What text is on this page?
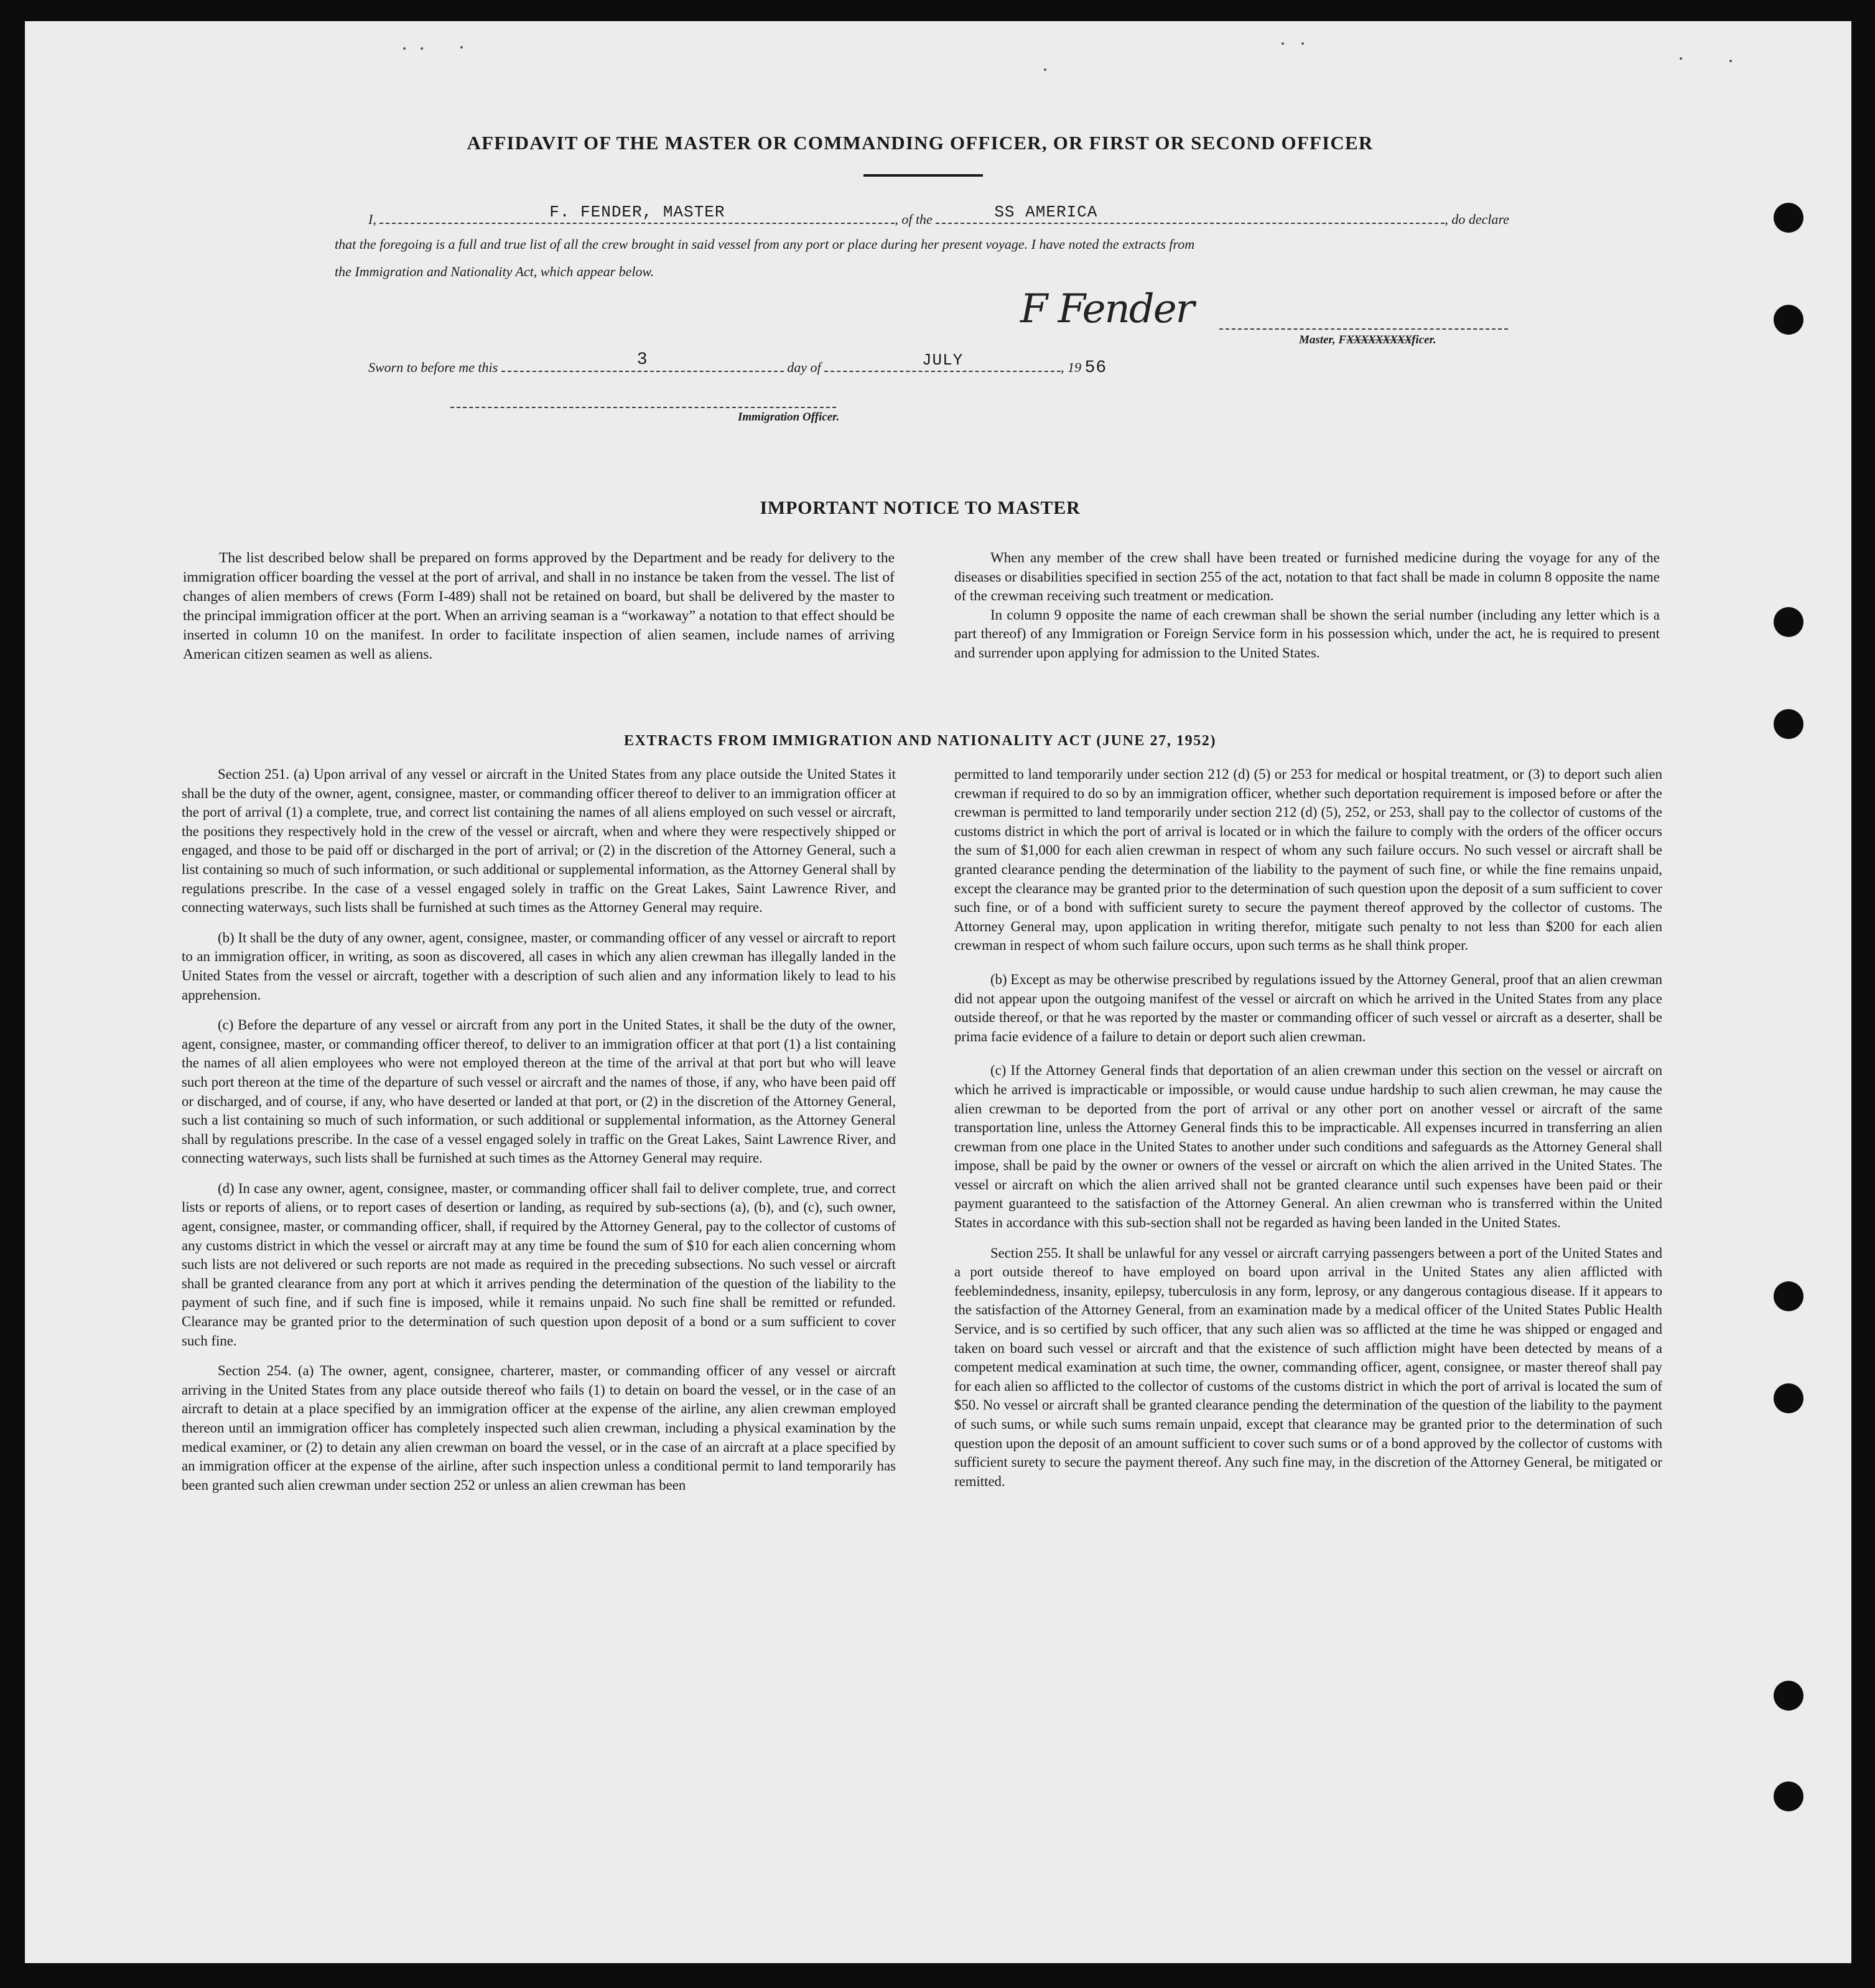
AFFIDAVIT OF THE MASTER OR COMMANDING OFFICER, OR FIRST OR SECOND OFFICER
I,	F. FENDER, MASTER	, of the	SS AMERICA	, do declare
that the foregoing is a full and true list of all the crew brought in said vessel from any port or place during her present voyage. I have noted the extracts from
the Immigration and Nationality Act, which appear below.
F Fender
Master, FXXXXXXXXXficer.
Sworn to before me this	3	day of	JULY	, 19 56
Immigration Officer.
IMPORTANT NOTICE TO MASTER

The list described below shall be prepared on forms approved by the Department and be ready for delivery to the immigration officer boarding the vessel at the port of arrival, and shall in no instance be taken from the vessel. The list of changes of alien members of crews (Form I-489) shall not be retained on board, but shall be delivered by the master to the principal immigration officer at the port. When an arriving seaman is a “workaway” a notation to that effect should be inserted in column 10 on the manifest. In order to facilitate inspection of alien seamen, include names of arriving American citizen seamen as well as aliens.

When any member of the crew shall have been treated or furnished medicine during the voyage for any of the diseases or disabilities specified in section 255 of the act, notation to that fact shall be made in column 8 opposite the name of the crewman receiving such treatment or medication.

In column 9 opposite the name of each crewman shall be shown the serial number (including any letter which is a part thereof) of any Immigration or Foreign Service form in his possession which, under the act, he is required to present and surrender upon applying for admission to the United States.

EXTRACTS FROM IMMIGRATION AND NATIONALITY ACT (JUNE 27, 1952)

Section 251. (a) Upon arrival of any vessel or aircraft in the United States from any place outside the United States it shall be the duty of the owner, agent, consignee, master, or commanding officer thereof to deliver to an immigration officer at the port of arrival (1) a complete, true, and correct list containing the names of all aliens employed on such vessel or aircraft, the positions they respectively hold in the crew of the vessel or aircraft, when and where they were respectively shipped or engaged, and those to be paid off or discharged in the port of arrival; or (2) in the discretion of the Attorney General, such a list containing so much of such information, or such additional or supplemental information, as the Attorney General shall by regulations prescribe. In the case of a vessel engaged solely in traffic on the Great Lakes, Saint Lawrence River, and connecting waterways, such lists shall be furnished at such times as the Attorney General may require.

(b) It shall be the duty of any owner, agent, consignee, master, or commanding officer of any vessel or aircraft to report to an immigration officer, in writing, as soon as discovered, all cases in which any alien crewman has illegally landed in the United States from the vessel or aircraft, together with a description of such alien and any information likely to lead to his apprehension.

(c) Before the departure of any vessel or aircraft from any port in the United States, it shall be the duty of the owner, agent, consignee, master, or commanding officer thereof, to deliver to an immigration officer at that port (1) a list containing the names of all alien employees who were not employed thereon at the time of the arrival at that port but who will leave such port thereon at the time of the departure of such vessel or aircraft and the names of those, if any, who have been paid off or discharged, and of course, if any, who have deserted or landed at that port, or (2) in the discretion of the Attorney General, such a list containing so much of such information, or such additional or supplemental information, as the Attorney General shall by regulations prescribe. In the case of a vessel engaged solely in traffic on the Great Lakes, Saint Lawrence River, and connecting waterways, such lists shall be furnished at such times as the Attorney General may require.

(d) In case any owner, agent, consignee, master, or commanding officer shall fail to deliver complete, true, and correct lists or reports of aliens, or to report cases of desertion or landing, as required by sub-sections (a), (b), and (c), such owner, agent, consignee, master, or commanding officer, shall, if required by the Attorney General, pay to the collector of customs of any customs district in which the vessel or aircraft may at any time be found the sum of $10 for each alien concerning whom such lists are not delivered or such reports are not made as required in the preceding subsections. No such vessel or aircraft shall be granted clearance from any port at which it arrives pending the determination of the question of the liability to the payment of such fine, and if such fine is imposed, while it remains unpaid. No such fine shall be remitted or refunded. Clearance may be granted prior to the determination of such question upon deposit of a bond or a sum sufficient to cover such fine.

Section 254. (a) The owner, agent, consignee, charterer, master, or commanding officer of any vessel or aircraft arriving in the United States from any place outside thereof who fails (1) to detain on board the vessel, or in the case of an aircraft to detain at a place specified by an immigration officer at the expense of the airline, any alien crewman employed thereon until an immigration officer has completely inspected such alien crewman, including a physical examination by the medical examiner, or (2) to detain any alien crewman on board the vessel, or in the case of an aircraft at a place specified by an immigration officer at the expense of the airline, after such inspection unless a conditional permit to land temporarily has been granted such alien crewman under section 252 or unless an alien crewman has been

permitted to land temporarily under section 212 (d) (5) or 253 for medical or hospital treatment, or (3) to deport such alien crewman if required to do so by an immigration officer, whether such deportation requirement is imposed before or after the crewman is permitted to land temporarily under section 212 (d) (5), 252, or 253, shall pay to the collector of customs of the customs district in which the port of arrival is located or in which the failure to comply with the orders of the officer occurs the sum of $1,000 for each alien crewman in respect of whom any such failure occurs. No such vessel or aircraft shall be granted clearance pending the determination of the liability to the payment of such fine, or while the fine remains unpaid, except the clearance may be granted prior to the determination of such question upon the deposit of a sum sufficient to cover such fine, or of a bond with sufficient surety to secure the payment thereof approved by the collector of customs. The Attorney General may, upon application in writing therefor, mitigate such penalty to not less than $200 for each alien crewman in respect of whom such failure occurs, upon such terms as he shall think proper.

(b) Except as may be otherwise prescribed by regulations issued by the Attorney General, proof that an alien crewman did not appear upon the outgoing manifest of the vessel or aircraft on which he arrived in the United States from any place outside thereof, or that he was reported by the master or commanding officer of such vessel or aircraft as a deserter, shall be prima facie evidence of a failure to detain or deport such alien crewman.

(c) If the Attorney General finds that deportation of an alien crewman under this section on the vessel or aircraft on which he arrived is impracticable or impossible, or would cause undue hardship to such alien crewman, he may cause the alien crewman to be deported from the port of arrival or any other port on another vessel or aircraft of the same transportation line, unless the Attorney General finds this to be impracticable. All expenses incurred in transferring an alien crewman from one place in the United States to another under such conditions and safeguards as the Attorney General shall impose, shall be paid by the owner or owners of the vessel or aircraft on which the alien arrived in the United States. The vessel or aircraft on which the alien arrived shall not be granted clearance until such expenses have been paid or their payment guaranteed to the satisfaction of the Attorney General. An alien crewman who is transferred within the United States in accordance with this sub-section shall not be regarded as having been landed in the United States.

Section 255. It shall be unlawful for any vessel or aircraft carrying passengers between a port of the United States and a port outside thereof to have employed on board upon arrival in the United States any alien afflicted with feeblemindedness, insanity, epilepsy, tuberculosis in any form, leprosy, or any dangerous contagious disease. If it appears to the satisfaction of the Attorney General, from an examination made by a medical officer of the United States Public Health Service, and is so certified by such officer, that any such alien was so afflicted at the time he was shipped or engaged and taken on board such vessel or aircraft and that the existence of such affliction might have been detected by means of a competent medical examination at such time, the owner, commanding officer, agent, consignee, or master thereof shall pay for each alien so afflicted to the collector of customs of the customs district in which the port of arrival is located the sum of $50. No vessel or aircraft shall be granted clearance pending the determination of the question of the liability to the payment of such sums, or while such sums remain unpaid, except that clearance may be granted prior to the determination of such question upon the deposit of an amount sufficient to cover such sums or of a bond approved by the collector of customs with sufficient surety to secure the payment thereof. Any such fine may, in the discretion of the Attorney General, be mitigated or remitted.
